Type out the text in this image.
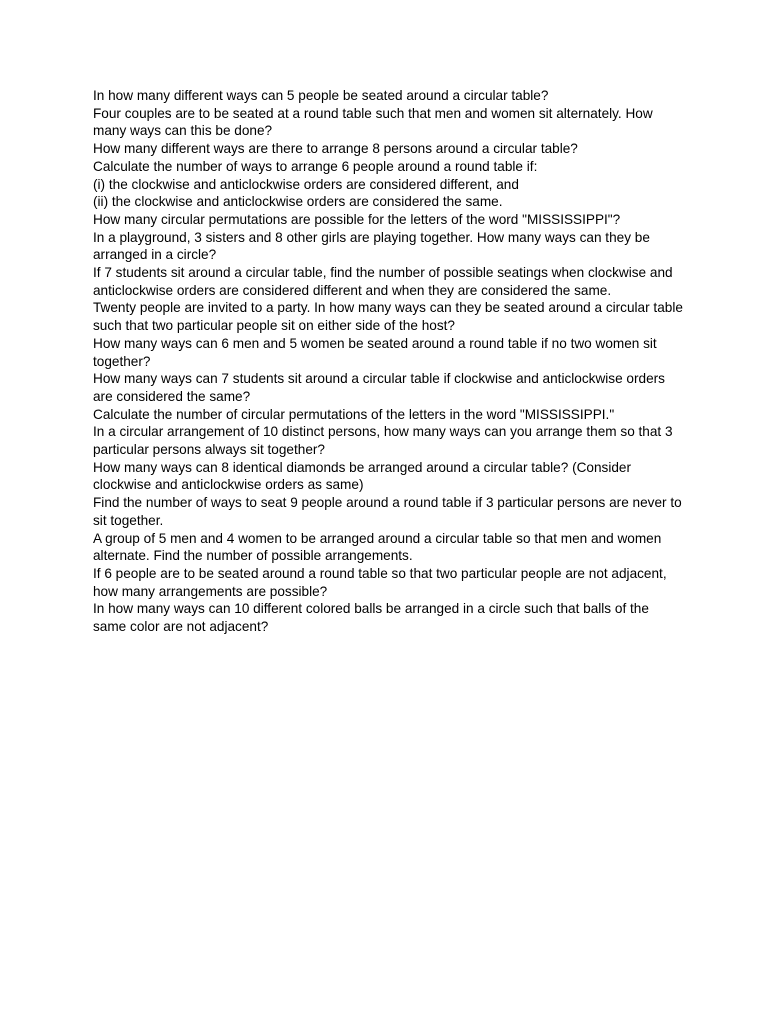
In how many different ways can 5 people be seated around a circular table?

Four couples are to be seated at a round table such that men and women sit alternately. How many ways can this be done?

How many different ways are there to arrange 8 persons around a circular table?

Calculate the number of ways to arrange 6 people around a round table if:

(i) the clockwise and anticlockwise orders are considered different, and

(ii) the clockwise and anticlockwise orders are considered the same.

How many circular permutations are possible for the letters of the word "MISSISSIPPI"?

In a playground, 3 sisters and 8 other girls are playing together. How many ways can they be arranged in a circle?

If 7 students sit around a circular table, find the number of possible seatings when clockwise and anticlockwise orders are considered different and when they are considered the same.

Twenty people are invited to a party. In how many ways can they be seated around a circular table such that two particular people sit on either side of the host?

How many ways can 6 men and 5 women be seated around a round table if no two women sit together?

How many ways can 7 students sit around a circular table if clockwise and anticlockwise orders are considered the same?

Calculate the number of circular permutations of the letters in the word "MISSISSIPPI."

In a circular arrangement of 10 distinct persons, how many ways can you arrange them so that 3 particular persons always sit together?

How many ways can 8 identical diamonds be arranged around a circular table? (Consider clockwise and anticlockwise orders as same)

Find the number of ways to seat 9 people around a round table if 3 particular persons are never to sit together.

A group of 5 men and 4 women to be arranged around a circular table so that men and women alternate. Find the number of possible arrangements.

If 6 people are to be seated around a round table so that two particular people are not adjacent, how many arrangements are possible?

In how many ways can 10 different colored balls be arranged in a circle such that balls of the same color are not adjacent?
